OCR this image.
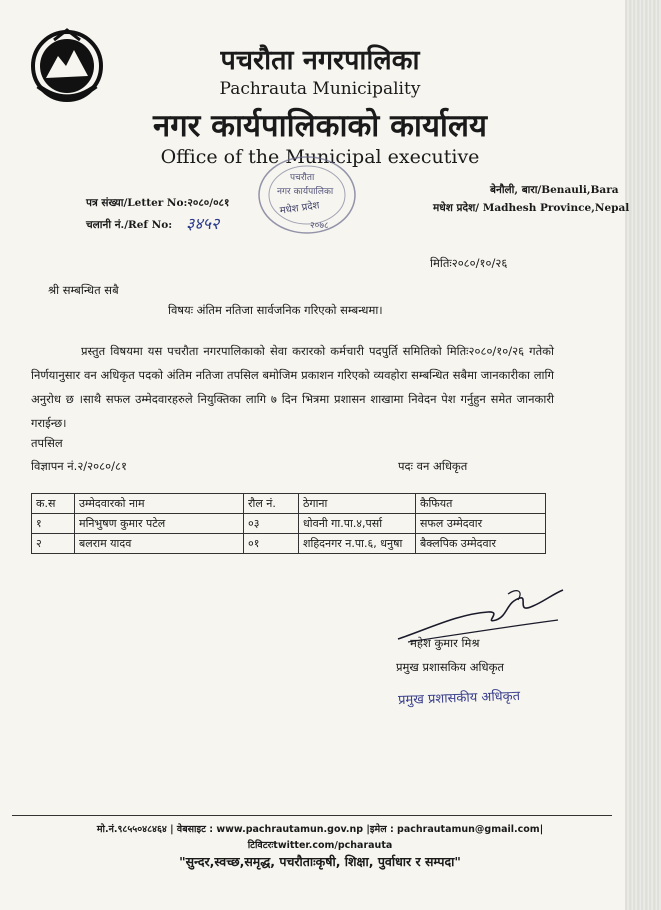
पचरौता नगरपालिका
Pachrauta Municipality
नगर कार्यपालिकाको कार्यालय
Office of the Municipal executive
पचरौता
नगर कार्यपालिका
मधेश प्रदेश
२०७८
पत्र संख्या/Letter No:२०८०/०८१
चलानी नं./Ref No: ३४५२
बेनौली, बारा/Benauli,Bara
मधेश प्रदेश/ Madhesh Province,Nepal
मितिः२०८०/१०/२६
श्री सम्बन्धित सबै
विषयः अंतिम नतिजा सार्वजनिक गरिएको सम्बन्धमा।
प्रस्तुत विषयमा यस पचरौता नगरपालिकाको सेवा करारको कर्मचारी पदपुर्ति समितिको मितिः२०८०/१०/२६ गतेको निर्णयानुसार वन अधिकृत पदको अंतिम नतिजा तपसिल बमोजिम प्रकाशन गरिएको व्यवहोरा सम्बन्धित सबैमा जानकारीका लागि अनुरोध छ ।साथै सफल उम्मेदवारहरुले नियुक्तिका लागि ७ दिन भित्रमा प्रशासन शाखामा निवेदन पेश गर्नुहुन समेत जानकारी गराईन्छ।
तपसिल
विज्ञापन नं.२/२०८०/८१	पदः वन अधिकृत
क.स	उम्मेदवारको नाम	रौल नं.	ठेगाना	कैफियत
१	मनिभुषण कुमार पटेल	०३	धोवनी गा.पा.४,पर्सा	सफल उम्मेदवार
२	बलराम यादव	०१	शहिदनगर न.पा.६, धनुषा	बैक्लपिक उम्मेदवार
महेश कुमार मिश्र
प्रमुख प्रशासकिय अधिकृत
प्रमुख प्रशासकीय अधिकृत
मो.नं.९८५५०४८४६४ | वेबसाइट : www.pachrautamun.gov.np |इमेल : pachrautamun@gmail.com|
टिविटरःtwitter.com/pcharauta
"सुन्दर,स्वच्छ,समृद्ध, पचरौताःकृषी, शिक्षा, पुर्वाधार र सम्पदा"
